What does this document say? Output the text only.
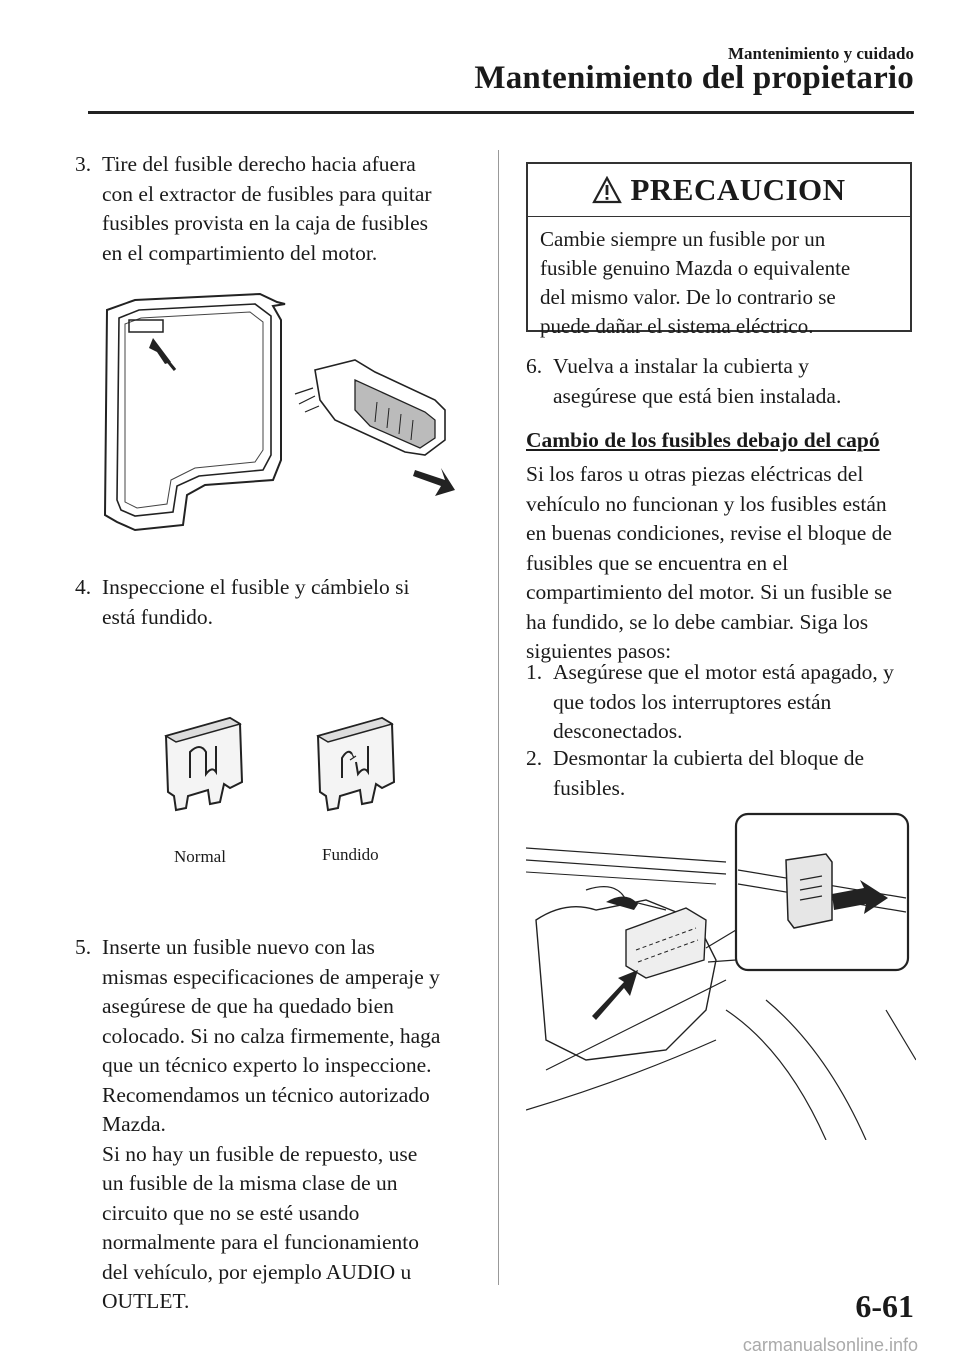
Mantenimiento y cuidado
Mantenimiento del propietario
3. Tire del fusible derecho hacia afuera
con el extractor de fusibles para quitar
fusibles provista en la caja de fusibles
en el compartimiento del motor.
4. Inspeccione el fusible y cámbielo si
está fundido.
Normal	Fundido
5. Inserte un fusible nuevo con las
mismas especificaciones de amperaje y
asegúrese de que ha quedado bien
colocado. Si no calza firmemente, haga
que un técnico experto lo inspeccione.
Recomendamos un técnico autorizado
Mazda.
Si no hay un fusible de repuesto, use
un fusible de la misma clase de un
circuito que no se esté usando
normalmente para el funcionamiento
del vehículo, por ejemplo AUDIO u
OUTLET.
PRECAUCION
Cambie siempre un fusible por un
fusible genuino Mazda o equivalente
del mismo valor. De lo contrario se
puede dañar el sistema eléctrico.
6. Vuelva a instalar la cubierta y
asegúrese que está bien instalada.
Cambio de los fusibles debajo del capó
Si los faros u otras piezas eléctricas del
vehículo no funcionan y los fusibles están
en buenas condiciones, revise el bloque de
fusibles que se encuentra en el
compartimiento del motor. Si un fusible se
ha fundido, se lo debe cambiar. Siga los
siguientes pasos:
1. Asegúrese que el motor está apagado, y
que todos los interruptores están
desconectados.
2. Desmontar la cubierta del bloque de
fusibles.
6-61
carmanualsonline.info
